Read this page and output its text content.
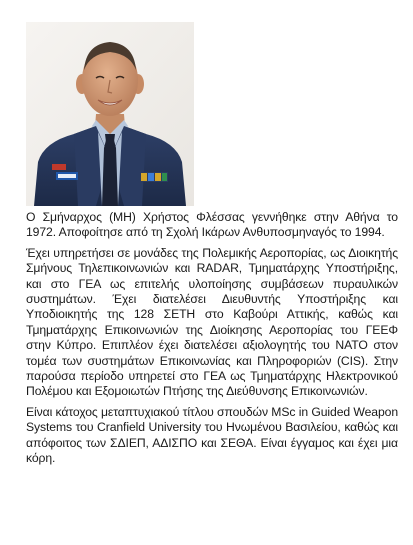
Ο Σμήναρχος (ΜΗ) Χρήστος Φλέσσας γεννήθηκε στην Αθήνα το 1972. Αποφοίτησε από τη Σχολή Ικάρων Ανθυποσμηναγός το 1994.

Έχει υπηρετήσει σε μονάδες της Πολεμικής Αεροπορίας, ως Διοικητής Σμήνους Τηλεπικοινωνιών και RADAR, Τμηματάρχης Υποστήριξης, και στο ΓΕΑ ως επιτελής υλοποίησης συμβάσεων πυραυλικών συστημάτων. Έχει διατελέσει Διευθυντής Υποστήριξης και Υποδιοικητής της 128 ΣΕΤΗ στο Καβούρι Αττικής, καθώς και Τμηματάρχης Επικοινωνιών της Διοίκησης Αεροπορίας του ΓΕΕΦ στην Κύπρο. Επιπλέον έχει διατελέσει αξιολογητής του ΝΑΤΟ στον τομέα των συστημάτων Επικοινωνίας και Πληροφοριών (CIS). Στην παρούσα περίοδο υπηρετεί στο ΓΕΑ ως Τμηματάρχης Ηλεκτρονικού Πολέμου και Εξομοιωτών Πτήσης της Διεύθυνσης Επικοινωνιών.

Είναι κάτοχος μεταπτυχιακού τίτλου σπουδών MSc in Guided Weapon Systems του Cranfield University του Ηνωμένου Βασιλείου, καθώς και απόφοιτος των ΣΔΙΕΠ, ΑΔΙΣΠΟ και ΣΕΘΑ. Είναι έγγαμος και έχει μια κόρη.
